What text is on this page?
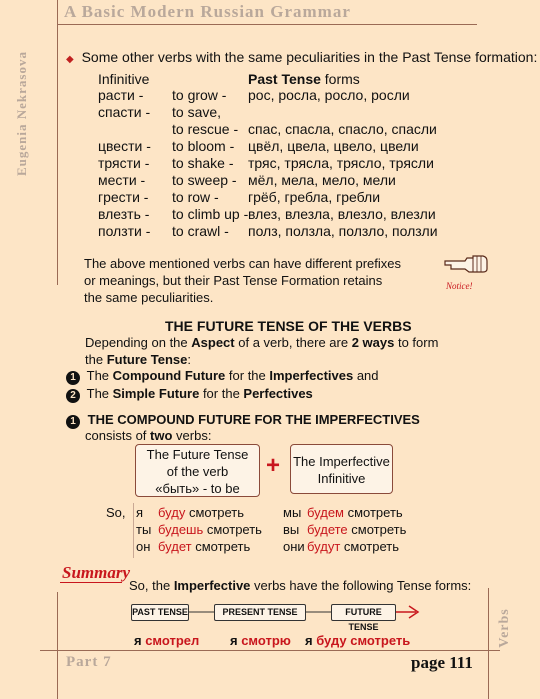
A Basic Modern Russian Grammar
Eugenia Nekrasova	◆ Some other verbs with the same peculiarities in the Past Tense formation:
Infinitive	Past Tense forms
расти - to grow - рос, росла, росло, росли
спасти - to save,
to rescue - спас, спасла, спасло, спасли
цвести - to bloom - цвёл, цвела, цвело, цвели
трясти - to shake - тряс, трясла, трясло, трясли
мести - to sweep - мёл, мела, мело, мели
грести - to row - грёб, гребла, гребли
влезть - to climb up - влез, влезла, влезло, влезли
ползти - to crawl - полз, ползла, ползло, ползли
The above mentioned verbs can have different prefixes
or meanings, but their Past Tense Formation retains
the same peculiarities.
Notice!
THE FUTURE TENSE OF THE VERBS
Depending on the Aspect of a verb, there are 2 ways to form
the Future Tense:
1 The Compound Future for the Imperfectives and
2 The Simple Future for the Perfectives
1 THE COMPOUND FUTURE FOR THE IMPERFECTIVES
consists of two verbs:
The Future Tense
of the verb
«быть» - to be
+ The Imperfective
Infinitive
So, я буду смотреть	мы будем смотреть
ты будешь смотреть вы будете смотреть
он будет смотреть	они будут смотреть
Summary
So, the Imperfective verbs have the following Tense forms:
PAST TENSE	PRESENT TENSE	FUTURE TENSE
я смотрел я смотрю я буду смотреть
Part 7	page 111
Verbs
